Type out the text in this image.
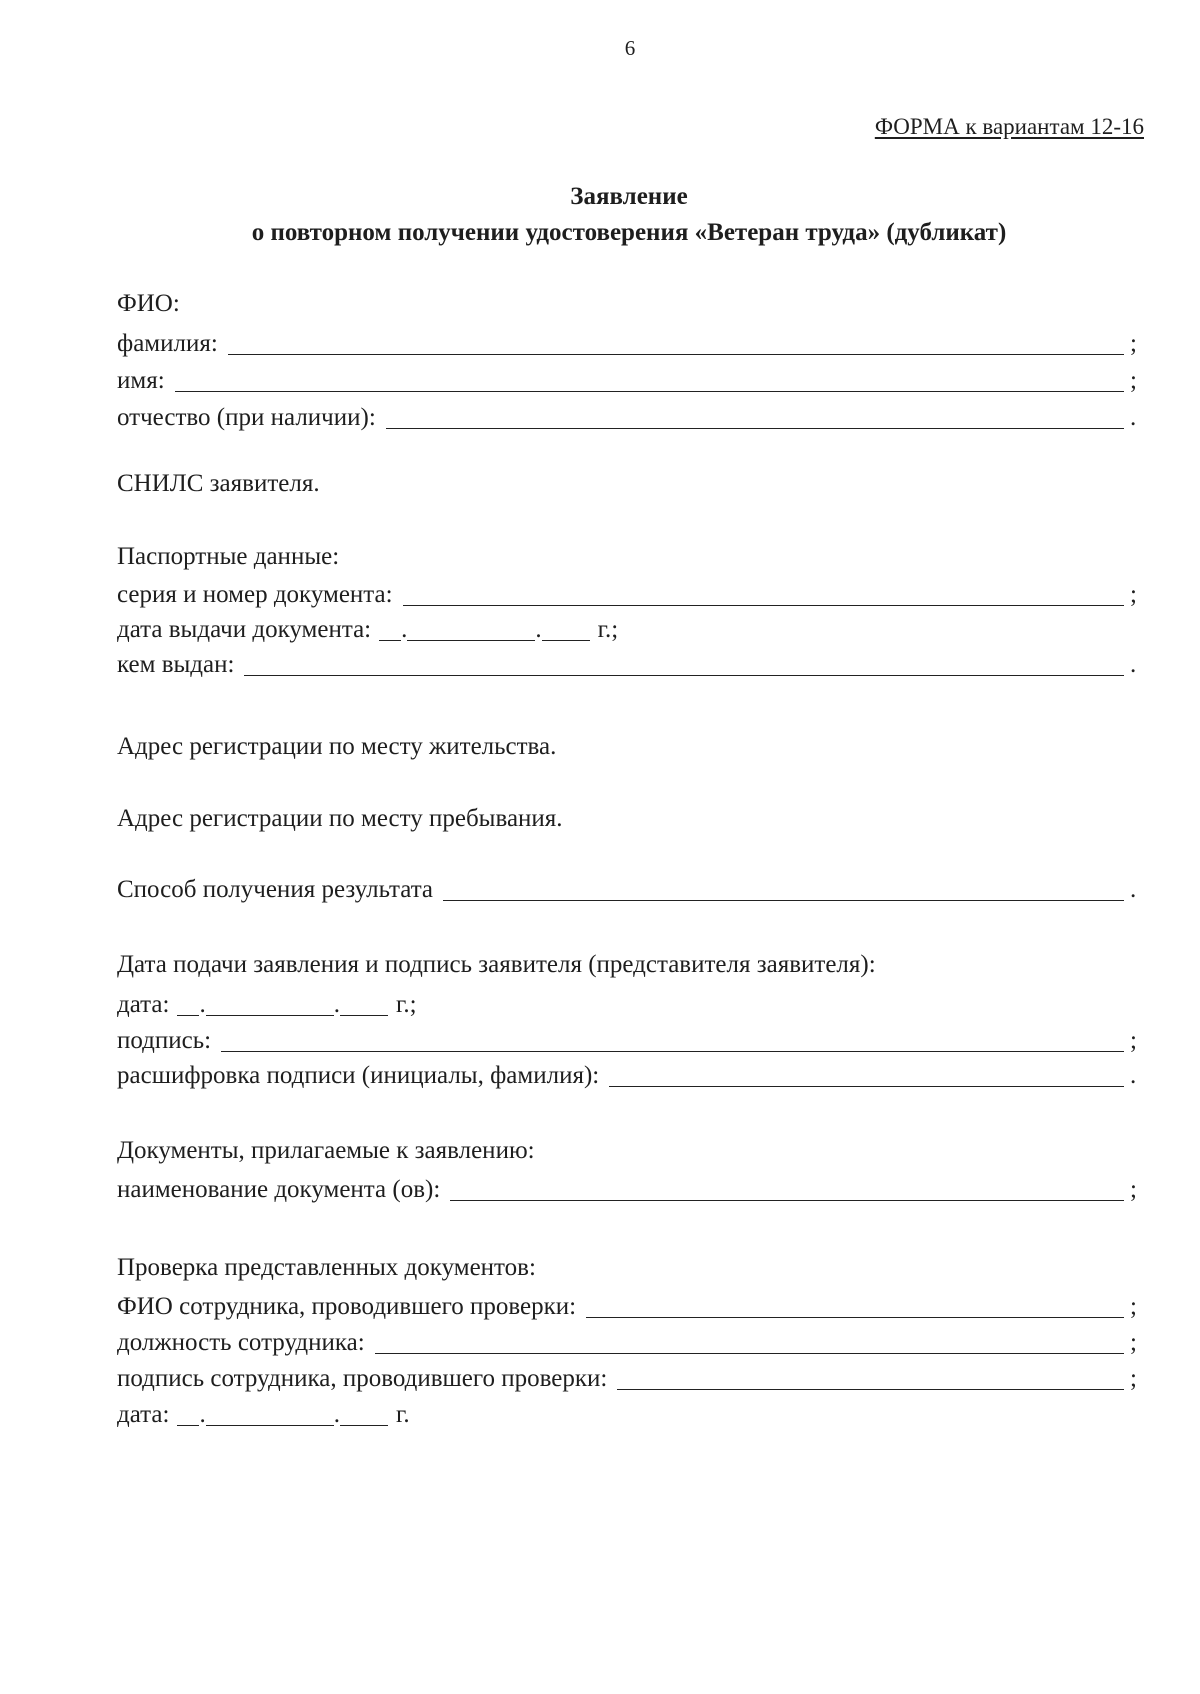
6
ФОРМА к вариантам 12-16
Заявление
о повторном получении удостоверения «Ветеран труда» (дубликат)
ФИО:
фамилия:	;
имя:	;
отчество (при наличии):	.
СНИЛС заявителя.
Паспортные данные:
серия и номер документа:	;
дата выдачи документа: .	. г.;
кем выдан:	.
Адрес регистрации по месту жительства.
Адрес регистрации по месту пребывания.
Способ получения результата	.
Дата подачи заявления и подпись заявителя (представителя заявителя):
дата: .	. г.;
подпись:	;
расшифровка подписи (инициалы, фамилия):	.
Документы, прилагаемые к заявлению:
наименование документа (ов):	;
Проверка представленных документов:
ФИО сотрудника, проводившего проверки:	;
должность сотрудника:	;
подпись сотрудника, проводившего проверки:	;
дата: .	. г.
